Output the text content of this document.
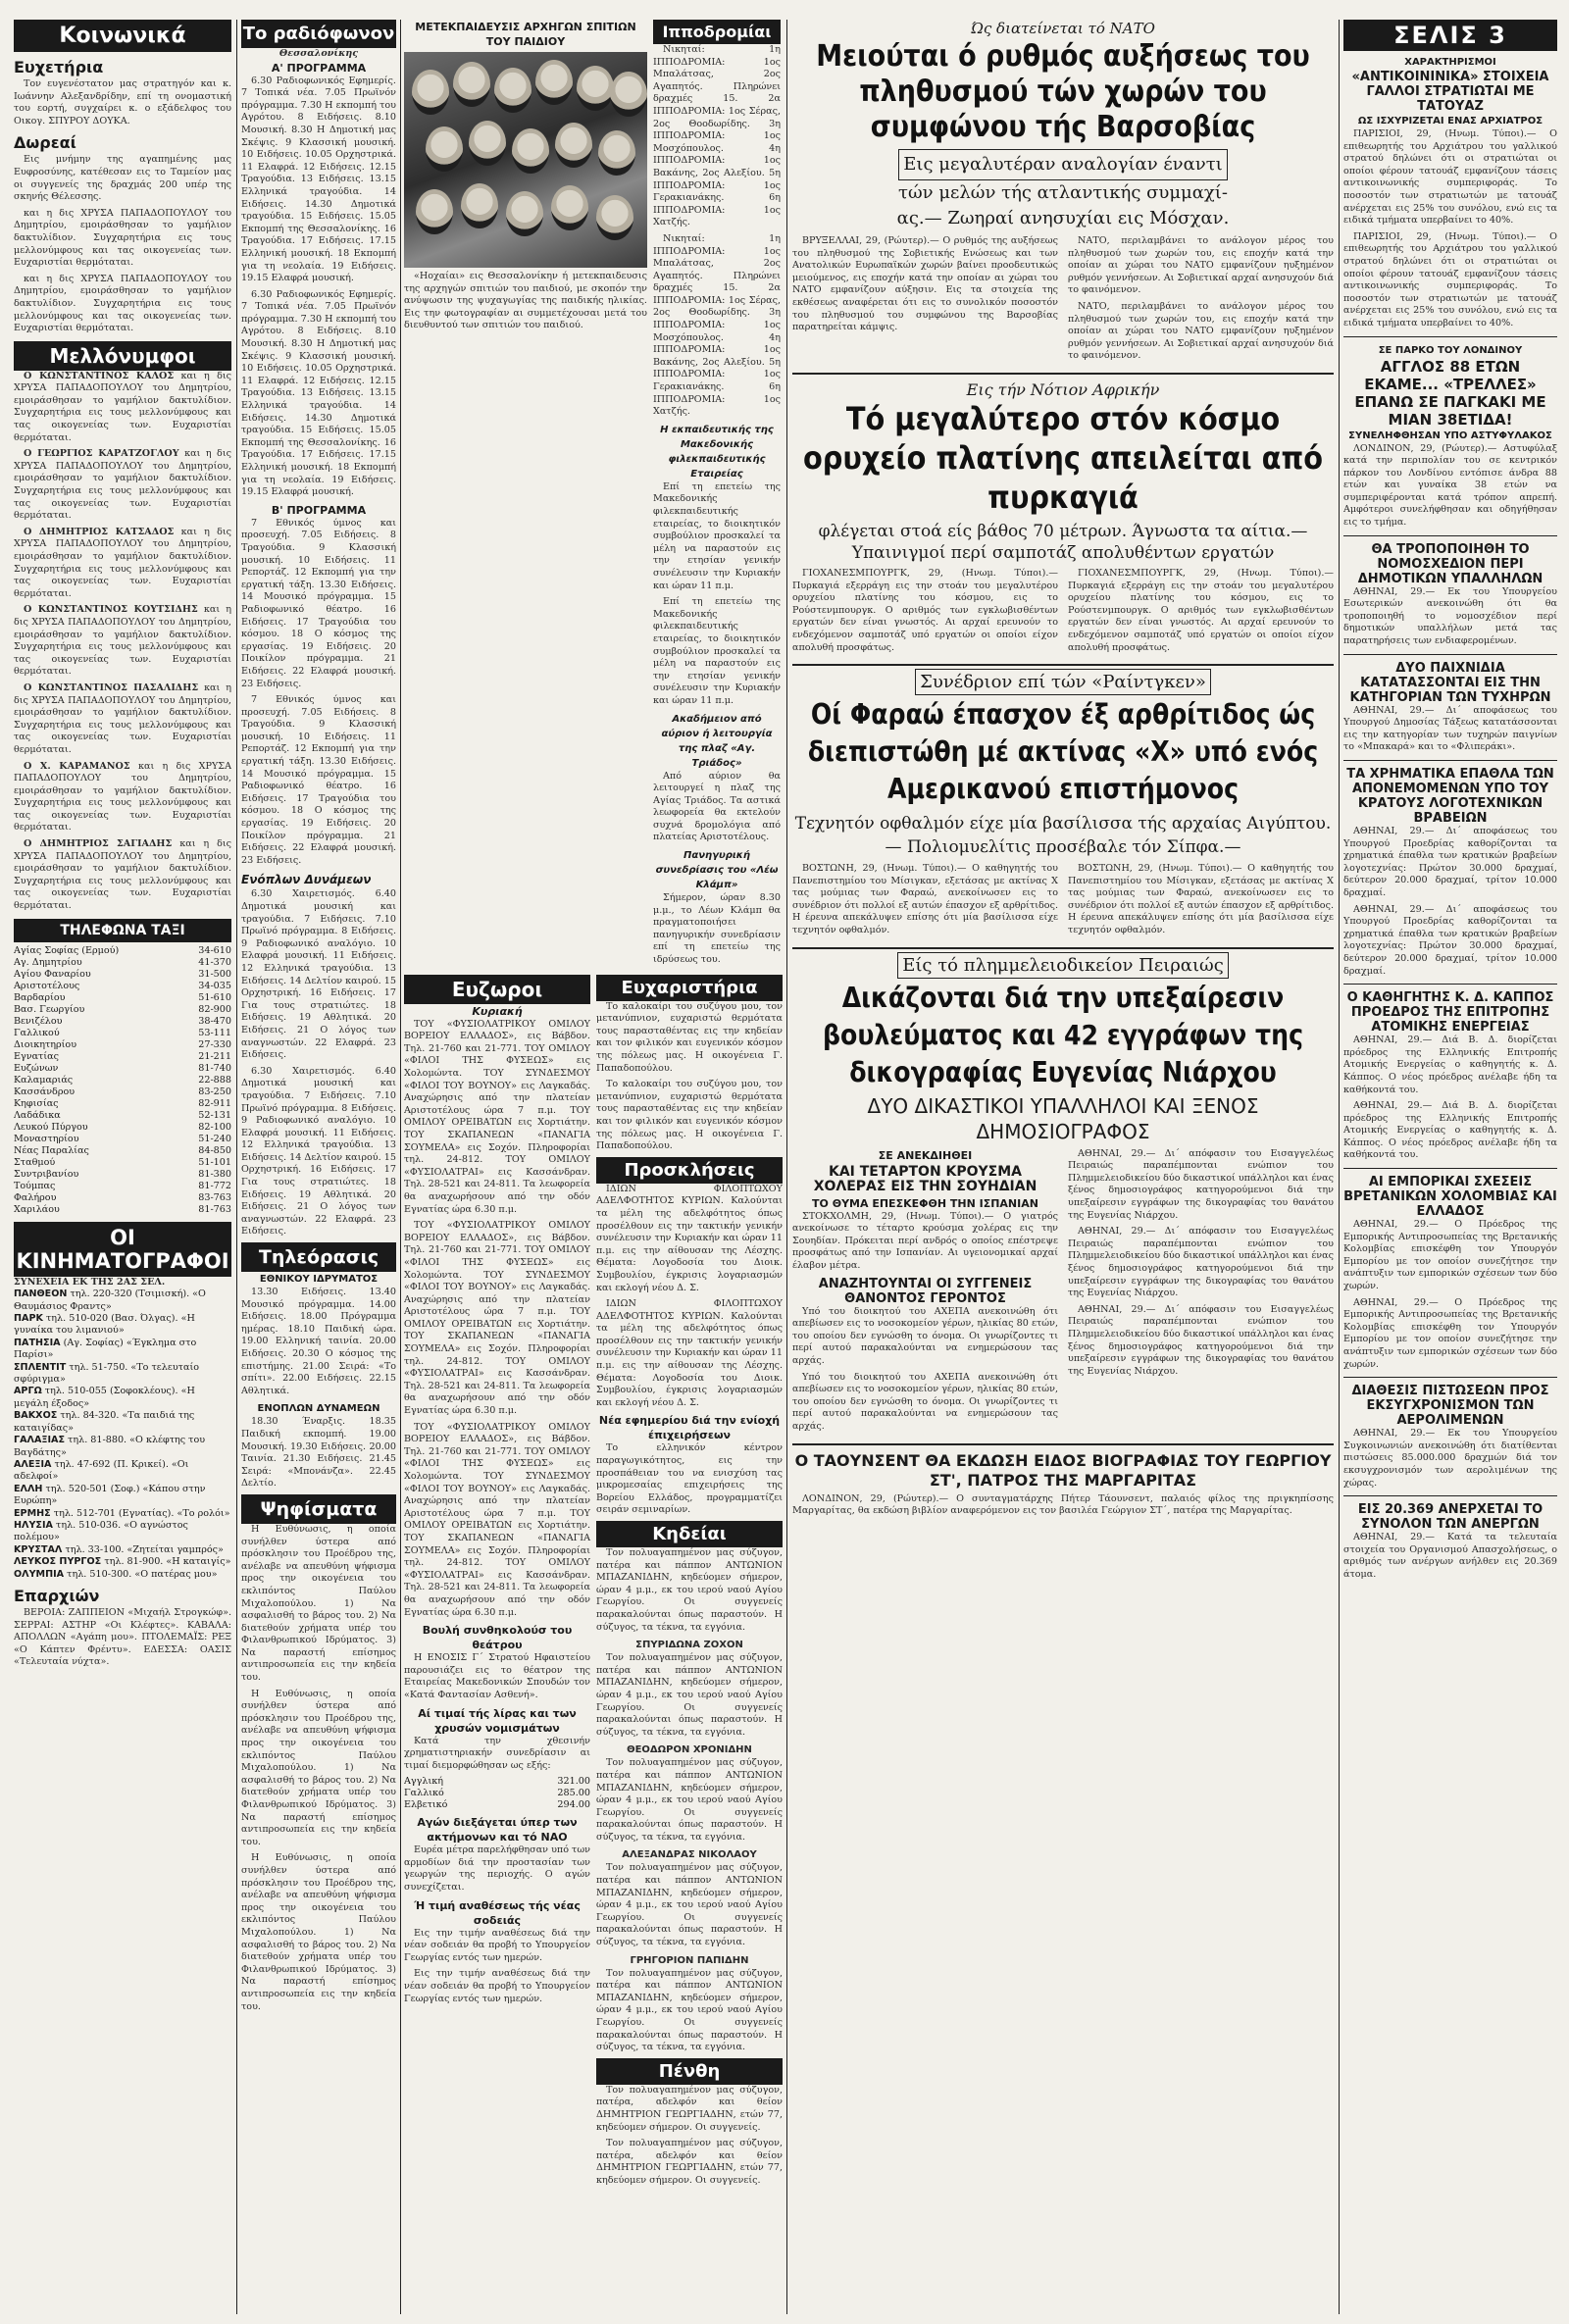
Κοινωνικά
Ευχετήρια

Τον ευγενέστατον μας στρατηγόν και κ. Ιωάννην Αλεξανδρίδην, επί τη ονομαστική του εορτή, συγχαίρει κ. ο εξάδελφος του Οικογ. ΣΠΥΡΟΥ ΔΟΥΚΑ.

Δωρεαί

Εις μνήμην της αγαπημένης μας Ευφροσύνης, κατέθεσαν εις το Ταμείον μας οι συγγενείς της δραχμάς 200 υπέρ της σκηνής Θέλεσσης.

και η δις ΧΡΥΣΑ ΠΑΠΑΔΟΠΟΥΛΟΥ του Δημητρίου, εμοιράσθησαν το γαμήλιον δακτυλίδιον. Συγχαρητήρια εις τους μελλονύμφους και τας οικογενείας των. Ευχαριστίαι θερμόταται.

και η δις ΧΡΥΣΑ ΠΑΠΑΔΟΠΟΥΛΟΥ του Δημητρίου, εμοιράσθησαν το γαμήλιον δακτυλίδιον. Συγχαρητήρια εις τους μελλονύμφους και τας οικογενείας των. Ευχαριστίαι θερμόταται.

Μελλόνυμφοι

Ο ΚΩΝΣΤΑΝΤΙΝΟΣ ΚΑΛΟΣ και η δις ΧΡΥΣΑ ΠΑΠΑΔΟΠΟΥΛΟΥ του Δημητρίου, εμοιράσθησαν το γαμήλιον δακτυλίδιον. Συγχαρητήρια εις τους μελλονύμφους και τας οικογενείας των. Ευχαριστίαι θερμόταται.

Ο ΓΕΩΡΓΙΟΣ ΚΑΡΑΤΖΟΓΛΟΥ και η δις ΧΡΥΣΑ ΠΑΠΑΔΟΠΟΥΛΟΥ του Δημητρίου, εμοιράσθησαν το γαμήλιον δακτυλίδιον. Συγχαρητήρια εις τους μελλονύμφους και τας οικογενείας των. Ευχαριστίαι θερμόταται.

Ο ΔΗΜΗΤΡΙΟΣ ΚΑΤΣΑΔΟΣ και η δις ΧΡΥΣΑ ΠΑΠΑΔΟΠΟΥΛΟΥ του Δημητρίου, εμοιράσθησαν το γαμήλιον δακτυλίδιον. Συγχαρητήρια εις τους μελλονύμφους και τας οικογενείας των. Ευχαριστίαι θερμόταται.

Ο ΚΩΝΣΤΑΝΤΙΝΟΣ ΚΟΥΤΣΙΔΗΣ και η δις ΧΡΥΣΑ ΠΑΠΑΔΟΠΟΥΛΟΥ του Δημητρίου, εμοιράσθησαν το γαμήλιον δακτυλίδιον. Συγχαρητήρια εις τους μελλονύμφους και τας οικογενείας των. Ευχαριστίαι θερμόταται.

Ο ΚΩΝΣΤΑΝΤΙΝΟΣ ΠΑΣΑΛΙΔΗΣ και η δις ΧΡΥΣΑ ΠΑΠΑΔΟΠΟΥΛΟΥ του Δημητρίου, εμοιράσθησαν το γαμήλιον δακτυλίδιον. Συγχαρητήρια εις τους μελλονύμφους και τας οικογενείας των. Ευχαριστίαι θερμόταται.

Ο Χ. ΚΑΡΑΜΑΝΟΣ και η δις ΧΡΥΣΑ ΠΑΠΑΔΟΠΟΥΛΟΥ του Δημητρίου, εμοιράσθησαν το γαμήλιον δακτυλίδιον. Συγχαρητήρια εις τους μελλονύμφους και τας οικογενείας των. Ευχαριστίαι θερμόταται.

Ο ΔΗΜΗΤΡΙΟΣ ΣΑΓΙΑΔΗΣ και η δις ΧΡΥΣΑ ΠΑΠΑΔΟΠΟΥΛΟΥ του Δημητρίου, εμοιράσθησαν το γαμήλιον δακτυλίδιον. Συγχαρητήρια εις τους μελλονύμφους και τας οικογενείας των. Ευχαριστίαι θερμόταται.

ΤΗΛΕΦΩΝΑ ΤΑΞΙ
Αγίας Σοφίας (Ερμού)	34-610
Αγ. Δημητρίου	41-370
Αγίου Φαναρίου	31-500
Αριστοτέλους	34-035
Βαρδαρίου	51-610
Βασ. Γεωργίου	82-900
Βενιζέλου	38-470
Γαλλικού	53-111
Διοικητηρίου	27-330
Εγνατίας	21-211
Ευζώνων	81-740
Καλαμαριάς	22-888
Κασσάνδρου	83-250
Κηφισίας	82-911
Λαδάδικα	52-131
Λευκού Πύργου	82-100
Μοναστηρίου	51-240
Νέας Παραλίας	84-850
Σταθμού	51-101
Συντριβανίου	81-380
Τούμπας	81-772
Φαλήρου	83-763
Χαριλάου	81-763
ΟΙ ΚΙΝΗΜΑΤΟΓΡΑΦΟΙ
ΣΥΝΕΧΕΙΑ ΕΚ ΤΗΣ 2ΑΣ ΣΕΛ.
ΠΑΝΘΕΟΝ τηλ. 220-320 (Τσιμισκή). «Ο Θαυμάσιος Φραντς»
ΠΑΡΚ τηλ. 510-020 (Βασ. Όλγας). «Η γυναίκα του λιμανιού»
ΠΑΤΗΣΙΑ (Αγ. Σοφίας) «Έγκλημα στο Παρίσι»
ΣΠΛΕΝΤΙΤ τηλ. 51-750. «Το τελευταίο σφύριγμα»
ΑΡΓΩ τηλ. 510-055 (Σοφοκλέους). «Η μεγάλη έξοδος»
ΒΑΚΧΟΣ τηλ. 84-320. «Τα παιδιά της καταιγίδας»
ΓΑΛΑΞΙΑΣ τηλ. 81-880. «Ο κλέφτης του Βαγδάτης»
ΑΛΕΞΙΑ τηλ. 47-692 (Π. Κρικεί). «Οι αδελφοί»
ΕΛΛΗ τηλ. 520-501 (Σοφ.) «Κάπου στην Ευρώπη»
ΕΡΜΗΣ τηλ. 512-701 (Εγνατίας). «Το ρολόι»
ΗΛΥΣΙΑ τηλ. 510-036. «Ο αγνώστος πολέμου»
ΚΡΥΣΤΑΛ τηλ. 33-100. «Ζητείται γαμπρός»
ΛΕΥΚΟΣ ΠΥΡΓΟΣ τηλ. 81-900. «Η καταιγίς»
ΟΛΥΜΠΙΑ τηλ. 510-300. «Ο πατέρας μου»
Επαρχιών

ΒΕΡΟΙΑ: ΖΑΠΠΕΙΟΝ «Μιχαήλ Στρογκώφ». ΣΕΡΡΑΙ: ΑΣΤΗΡ «Οι Κλέφτες». ΚΑΒΑΛΑ: ΑΠΟΛΛΩΝ «Αγάπη μου». ΠΤΟΛΕΜΑΪΣ: ΡΕΞ «Ο Κάπτεν Φρέντυ». ΕΔΕΣΣΑ: ΟΑΣΙΣ «Τελευταία νύχτα».

Το ραδιόφωνον
Θεσσαλονίκης
Α' ΠΡΟΓΡΑΜΜΑ

6.30 Ραδιοφωνικός Εφημερίς. 7 Τοπικά νέα. 7.05 Πρωϊνόν πρόγραμμα. 7.30 Η εκπομπή του Αγρότου. 8 Ειδήσεις. 8.10 Μουσική. 8.30 Η Δημοτική μας Σκέψις. 9 Κλασσική μουσική. 10 Ειδήσεις. 10.05 Ορχηστρικά. 11 Ελαφρά. 12 Ειδήσεις. 12.15 Τραγούδια. 13 Ειδήσεις. 13.15 Ελληνικά τραγούδια. 14 Ειδήσεις. 14.30 Δημοτικά τραγούδια. 15 Ειδήσεις. 15.05 Εκπομπή της Θεσσαλονίκης. 16 Τραγούδια. 17 Ειδήσεις. 17.15 Ελληνική μουσική. 18 Εκπομπή για τη νεολαία. 19 Ειδήσεις. 19.15 Ελαφρά μουσική.

6.30 Ραδιοφωνικός Εφημερίς. 7 Τοπικά νέα. 7.05 Πρωϊνόν πρόγραμμα. 7.30 Η εκπομπή του Αγρότου. 8 Ειδήσεις. 8.10 Μουσική. 8.30 Η Δημοτική μας Σκέψις. 9 Κλασσική μουσική. 10 Ειδήσεις. 10.05 Ορχηστρικά. 11 Ελαφρά. 12 Ειδήσεις. 12.15 Τραγούδια. 13 Ειδήσεις. 13.15 Ελληνικά τραγούδια. 14 Ειδήσεις. 14.30 Δημοτικά τραγούδια. 15 Ειδήσεις. 15.05 Εκπομπή της Θεσσαλονίκης. 16 Τραγούδια. 17 Ειδήσεις. 17.15 Ελληνική μουσική. 18 Εκπομπή για τη νεολαία. 19 Ειδήσεις. 19.15 Ελαφρά μουσική.

Β' ΠΡΟΓΡΑΜΜΑ

7 Εθνικός ύμνος και προσευχή. 7.05 Ειδήσεις. 8 Τραγούδια. 9 Κλασσική μουσική. 10 Ειδήσεις. 11 Ρεπορτάζ. 12 Εκπομπή για την εργατική τάξη. 13.30 Ειδήσεις. 14 Μουσικό πρόγραμμα. 15 Ραδιοφωνικό θέατρο. 16 Ειδήσεις. 17 Τραγούδια του κόσμου. 18 Ο κόσμος της εργασίας. 19 Ειδήσεις. 20 Ποικίλον πρόγραμμα. 21 Ειδήσεις. 22 Ελαφρά μουσική. 23 Ειδήσεις.

7 Εθνικός ύμνος και προσευχή. 7.05 Ειδήσεις. 8 Τραγούδια. 9 Κλασσική μουσική. 10 Ειδήσεις. 11 Ρεπορτάζ. 12 Εκπομπή για την εργατική τάξη. 13.30 Ειδήσεις. 14 Μουσικό πρόγραμμα. 15 Ραδιοφωνικό θέατρο. 16 Ειδήσεις. 17 Τραγούδια του κόσμου. 18 Ο κόσμος της εργασίας. 19 Ειδήσεις. 20 Ποικίλον πρόγραμμα. 21 Ειδήσεις. 22 Ελαφρά μουσική. 23 Ειδήσεις.

Ενόπλων Δυνάμεων

6.30 Χαιρετισμός. 6.40 Δημοτικά μουσική και τραγούδια. 7 Ειδήσεις. 7.10 Πρωϊνό πρόγραμμα. 8 Ειδήσεις. 9 Ραδιοφωνικό αναλόγιο. 10 Ελαφρά μουσική. 11 Ειδήσεις. 12 Ελληνικά τραγούδια. 13 Ειδήσεις. 14 Δελτίον καιρού. 15 Ορχηστρική. 16 Ειδήσεις. 17 Για τους στρατιώτες. 18 Ειδήσεις. 19 Αθλητικά. 20 Ειδήσεις. 21 Ο λόγος των αναγνωστών. 22 Ελαφρά. 23 Ειδήσεις.

6.30 Χαιρετισμός. 6.40 Δημοτικά μουσική και τραγούδια. 7 Ειδήσεις. 7.10 Πρωϊνό πρόγραμμα. 8 Ειδήσεις. 9 Ραδιοφωνικό αναλόγιο. 10 Ελαφρά μουσική. 11 Ειδήσεις. 12 Ελληνικά τραγούδια. 13 Ειδήσεις. 14 Δελτίον καιρού. 15 Ορχηστρική. 16 Ειδήσεις. 17 Για τους στρατιώτες. 18 Ειδήσεις. 19 Αθλητικά. 20 Ειδήσεις. 21 Ο λόγος των αναγνωστών. 22 Ελαφρά. 23 Ειδήσεις.

Τηλεόρασις
ΕΘΝΙΚΟΥ ΙΔΡΥΜΑΤΟΣ

13.30 Ειδήσεις. 13.40 Μουσικό πρόγραμμα. 14.00 Ειδήσεις. 18.00 Πρόγραμμα ημέρας. 18.10 Παιδική ώρα. 19.00 Ελληνική ταινία. 20.00 Ειδήσεις. 20.30 Ο κόσμος της επιστήμης. 21.00 Σειρά: «Το σπίτι». 22.00 Ειδήσεις. 22.15 Αθλητικά.

ΕΝΟΠΛΩΝ ΔΥΝΑΜΕΩΝ

18.30 Έναρξις. 18.35 Παιδική εκπομπή. 19.00 Μουσική. 19.30 Ειδήσεις. 20.00 Ταινία. 21.30 Ειδήσεις. 21.45 Σειρά: «Μπονάνζα». 22.45 Δελτίο.

Ψηφίσματα

Η Ευθύνωσις, η οποία συνήλθεν ύστερα από πρόσκλησιν του Προέδρου της, ανέλαβε να απευθύνη ψήφισμα προς την οικογένεια του εκλιπόντος Παύλου Μιχαλοπούλου. 1) Να ασφαλισθή το βάρος του. 2) Να διατεθούν χρήματα υπέρ του Φιλανθρωπικού Ιδρύματος. 3) Να παραστή επίσημος αντιπροσωπεία εις την κηδεία του.

Η Ευθύνωσις, η οποία συνήλθεν ύστερα από πρόσκλησιν του Προέδρου της, ανέλαβε να απευθύνη ψήφισμα προς την οικογένεια του εκλιπόντος Παύλου Μιχαλοπούλου. 1) Να ασφαλισθή το βάρος του. 2) Να διατεθούν χρήματα υπέρ του Φιλανθρωπικού Ιδρύματος. 3) Να παραστή επίσημος αντιπροσωπεία εις την κηδεία του.

Η Ευθύνωσις, η οποία συνήλθεν ύστερα από πρόσκλησιν του Προέδρου της, ανέλαβε να απευθύνη ψήφισμα προς την οικογένεια του εκλιπόντος Παύλου Μιχαλοπούλου. 1) Να ασφαλισθή το βάρος του. 2) Να διατεθούν χρήματα υπέρ του Φιλανθρωπικού Ιδρύματος. 3) Να παραστή επίσημος αντιπροσωπεία εις την κηδεία του.

ΜΕΤΕΚΠΑΙΔΕΥΣΙΣ ΑΡΧΗΓΩΝ ΣΠΙΤΙΩΝ ΤΟΥ ΠΑΙΔΙΟΥ

«Ηοχαίαι» εις Θεσσαλονίκην ή μετεκπαιδευσις της αρχηγών σπιτιών του παιδιού, με σκοπόν την ανύψωσιν της ψυχαγωγίας της παιδικής ηλικίας. Εις την φωτογραφίαν αι συμμετέχουσαι μετά του διευθυντού των σπιτιών του παιδιού.

Ιπποδρομίαι

Νικηταί: 1η ΙΠΠΟΔΡΟΜΙΑ: 1ος Μπαλάτσας, 2ος Αγαπητός. Πληρώνει δραχμές 15. 2α ΙΠΠΟΔΡΟΜΙΑ: 1ος Σέρας, 2ος Θοοδωρίδης. 3η ΙΠΠΟΔΡΟΜΙΑ: 1ος Μοσχόπουλος. 4η ΙΠΠΟΔΡΟΜΙΑ: 1ος Βακάνης, 2ος Αλεξίου. 5η ΙΠΠΟΔΡΟΜΙΑ: 1ος Γερακιανάκης. 6η ΙΠΠΟΔΡΟΜΙΑ: 1ος Χατζής.

Νικηταί: 1η ΙΠΠΟΔΡΟΜΙΑ: 1ος Μπαλάτσας, 2ος Αγαπητός. Πληρώνει δραχμές 15. 2α ΙΠΠΟΔΡΟΜΙΑ: 1ος Σέρας, 2ος Θοοδωρίδης. 3η ΙΠΠΟΔΡΟΜΙΑ: 1ος Μοσχόπουλος. 4η ΙΠΠΟΔΡΟΜΙΑ: 1ος Βακάνης, 2ος Αλεξίου. 5η ΙΠΠΟΔΡΟΜΙΑ: 1ος Γερακιανάκης. 6η ΙΠΠΟΔΡΟΜΙΑ: 1ος Χατζής.

Η εκπαιδευτικής της Μακεδονικής φιλεκπαιδευτικής Εταιρείας

Επί τη επετείω της Μακεδονικής φιλεκπαιδευτικής εταιρείας, το διοικητικόν συμβούλιον προσκαλεί τα μέλη να παραστούν εις την ετησίαν γενικήν συνέλευσιν την Κυριακήν και ώραν 11 π.μ.

Επί τη επετείω της Μακεδονικής φιλεκπαιδευτικής εταιρείας, το διοικητικόν συμβούλιον προσκαλεί τα μέλη να παραστούν εις την ετησίαν γενικήν συνέλευσιν την Κυριακήν και ώραν 11 π.μ.

Ακαδήμειον από αύριον ή λειτουργία της πλαζ «Αγ. Τριάδος»

Από αύριον θα λειτουργεί η πλαζ της Αγίας Τριάδος. Τα αστικά λεωφορεία θα εκτελούν συχνά δρομολόγια από πλατείας Αριστοτέλους.

Πανηγυρική συνεδρίασις του «Λέω Κλάμπ»

Σήμερον, ώραν 8.30 μ.μ., το Λέων Κλάμπ θα πραγματοποιήσει πανηγυρικήν συνεδρίασιν επί τη επετείω της ιδρύσεως του.

Ευζωροι
Κυριακή

ΤΟΥ «ΦΥΣΙΟΛΑΤΡΙΚΟΥ ΟΜΙΛΟΥ ΒΟΡΕΙΟΥ ΕΛΛΑΔΟΣ», εις Βάβδον. Τηλ. 21-760 και 21-771. ΤΟΥ ΟΜΙΛΟΥ «ΦΙΛΟΙ ΤΗΣ ΦΥΣΕΩΣ» εις Χολομώντα. ΤΟΥ ΣΥΝΔΕΣΜΟΥ «ΦΙΛΟΙ ΤΟΥ ΒΟΥΝΟΥ» εις Λαγκαδάς. Αναχώρησις από την πλατείαν Αριστοτέλους ώρα 7 π.μ. ΤΟΥ ΟΜΙΛΟΥ ΟΡΕΙΒΑΤΩΝ εις Χορτιάτην. ΤΟΥ ΣΚΑΠΑΝΕΩΝ «ΠΑΝΑΓΙΑ ΣΟΥΜΕΛΑ» εις Σοχόν. Πληροφορίαι τηλ. 24-812. ΤΟΥ ΟΜΙΛΟΥ «ΦΥΣΙΟΛΑΤΡΑΙ» εις Κασσάνδραν. Τηλ. 28-521 και 24-811. Τα λεωφορεία θα αναχωρήσουν από την οδόν Εγνατίας ώρα 6.30 π.μ.

ΤΟΥ «ΦΥΣΙΟΛΑΤΡΙΚΟΥ ΟΜΙΛΟΥ ΒΟΡΕΙΟΥ ΕΛΛΑΔΟΣ», εις Βάβδον. Τηλ. 21-760 και 21-771. ΤΟΥ ΟΜΙΛΟΥ «ΦΙΛΟΙ ΤΗΣ ΦΥΣΕΩΣ» εις Χολομώντα. ΤΟΥ ΣΥΝΔΕΣΜΟΥ «ΦΙΛΟΙ ΤΟΥ ΒΟΥΝΟΥ» εις Λαγκαδάς. Αναχώρησις από την πλατείαν Αριστοτέλους ώρα 7 π.μ. ΤΟΥ ΟΜΙΛΟΥ ΟΡΕΙΒΑΤΩΝ εις Χορτιάτην. ΤΟΥ ΣΚΑΠΑΝΕΩΝ «ΠΑΝΑΓΙΑ ΣΟΥΜΕΛΑ» εις Σοχόν. Πληροφορίαι τηλ. 24-812. ΤΟΥ ΟΜΙΛΟΥ «ΦΥΣΙΟΛΑΤΡΑΙ» εις Κασσάνδραν. Τηλ. 28-521 και 24-811. Τα λεωφορεία θα αναχωρήσουν από την οδόν Εγνατίας ώρα 6.30 π.μ.

ΤΟΥ «ΦΥΣΙΟΛΑΤΡΙΚΟΥ ΟΜΙΛΟΥ ΒΟΡΕΙΟΥ ΕΛΛΑΔΟΣ», εις Βάβδον. Τηλ. 21-760 και 21-771. ΤΟΥ ΟΜΙΛΟΥ «ΦΙΛΟΙ ΤΗΣ ΦΥΣΕΩΣ» εις Χολομώντα. ΤΟΥ ΣΥΝΔΕΣΜΟΥ «ΦΙΛΟΙ ΤΟΥ ΒΟΥΝΟΥ» εις Λαγκαδάς. Αναχώρησις από την πλατείαν Αριστοτέλους ώρα 7 π.μ. ΤΟΥ ΟΜΙΛΟΥ ΟΡΕΙΒΑΤΩΝ εις Χορτιάτην. ΤΟΥ ΣΚΑΠΑΝΕΩΝ «ΠΑΝΑΓΙΑ ΣΟΥΜΕΛΑ» εις Σοχόν. Πληροφορίαι τηλ. 24-812. ΤΟΥ ΟΜΙΛΟΥ «ΦΥΣΙΟΛΑΤΡΑΙ» εις Κασσάνδραν. Τηλ. 28-521 και 24-811. Τα λεωφορεία θα αναχωρήσουν από την οδόν Εγνατίας ώρα 6.30 π.μ.

Βουλή συνθηκολούσ του θεάτρου

Η ΕΝΟΣΙΣ Γ΄ Στρατού Ηφαιστείου παρουσιάζει εις το θέατρον της Εταιρείας Μακεδονικών Σπουδών τον «Κατά Φαντασίαν Ασθενή».

Αί τιμαί τής λίρας και των χρυσών νομισμάτων

Κατά την χθεσινήν χρηματιστηριακήν συνεδρίασιν αι τιμαί διεμορφώθησαν ως εξής:

Αγγλική	321.00
Γαλλικό	285.00
Ελβετικό	294.00
Αγών διεξάγεται ύπερ των ακτήμονων και τό ΝΑΟ

Ευρέα μέτρα παρελήφθησαν υπό των αρμοδίων διά την προστασίαν των γεωργών της περιοχής. Ο αγών συνεχίζεται.

Ή τιμή αναθέσεως τής νέας σοδειάς

Εις την τιμήν αναθέσεως διά την νέαν σοδειάν θα προβή το Υπουργείον Γεωργίας εντός των ημερών.

Εις την τιμήν αναθέσεως διά την νέαν σοδειάν θα προβή το Υπουργείον Γεωργίας εντός των ημερών.

Ευχαριστήρια

Το καλοκαίρι του συζύγου μου, τον μετανύπνιον, ευχαριστώ θερμότατα τους παρασταθέντας εις την κηδείαν και τον φιλικόν και ευγενικόν κόσμον της πόλεως μας. Η οικογένεια Γ. Παπαδοπούλου.

Το καλοκαίρι του συζύγου μου, τον μετανύπνιον, ευχαριστώ θερμότατα τους παρασταθέντας εις την κηδείαν και τον φιλικόν και ευγενικόν κόσμον της πόλεως μας. Η οικογένεια Γ. Παπαδοπούλου.

Προσκλήσεις

ΙΔΙΩΝ ΦΙΛΟΠΤΩΧΟΥ ΑΔΕΛΦΟΤΗΤΟΣ ΚΥΡΙΩΝ. Καλούνται τα μέλη της αδελφότητος όπως προσέλθουν εις την τακτικήν γενικήν συνέλευσιν την Κυριακήν και ώραν 11 π.μ. εις την αίθουσαν της Λέσχης. Θέματα: Λογοδοσία του Διοικ. Συμβουλίου, έγκρισις λογαριασμών και εκλογή νέου Δ. Σ.

ΙΔΙΩΝ ΦΙΛΟΠΤΩΧΟΥ ΑΔΕΛΦΟΤΗΤΟΣ ΚΥΡΙΩΝ. Καλούνται τα μέλη της αδελφότητος όπως προσέλθουν εις την τακτικήν γενικήν συνέλευσιν την Κυριακήν και ώραν 11 π.μ. εις την αίθουσαν της Λέσχης. Θέματα: Λογοδοσία του Διοικ. Συμβουλίου, έγκρισις λογαριασμών και εκλογή νέου Δ. Σ.

Νέα εφημερίου διά την ενίοχή έπιχειρήσεων

Το ελληνικόν κέντρον παραγωγικότητος, εις την προσπάθειαν του να ενισχύση τας μικρομεσαίας επιχειρήσεις της Βορείου Ελλάδος, προγραμματίζει σειράν σεμιναρίων.

Κηδείαι

Τον πολυαγαπημένον μας σύζυγον, πατέρα και πάππον ΑΝΤΩΝΙΟΝ ΜΠΑΖΑΝΙΔΗΝ, κηδεύομεν σήμερον, ώραν 4 μ.μ., εκ του ιερού ναού Αγίου Γεωργίου. Οι συγγενείς παρακαλούνται όπως παραστούν. Η σύζυγος, τα τέκνα, τα εγγόνια.

ΣΠΥΡΙΔΩΝΑ ΖΟΧΟΝ

Τον πολυαγαπημένον μας σύζυγον, πατέρα και πάππον ΑΝΤΩΝΙΟΝ ΜΠΑΖΑΝΙΔΗΝ, κηδεύομεν σήμερον, ώραν 4 μ.μ., εκ του ιερού ναού Αγίου Γεωργίου. Οι συγγενείς παρακαλούνται όπως παραστούν. Η σύζυγος, τα τέκνα, τα εγγόνια.

ΘΕΟΔΩΡΟΝ ΧΡΟΝΙΔΗΝ

Τον πολυαγαπημένον μας σύζυγον, πατέρα και πάππον ΑΝΤΩΝΙΟΝ ΜΠΑΖΑΝΙΔΗΝ, κηδεύομεν σήμερον, ώραν 4 μ.μ., εκ του ιερού ναού Αγίου Γεωργίου. Οι συγγενείς παρακαλούνται όπως παραστούν. Η σύζυγος, τα τέκνα, τα εγγόνια.

ΑΛΕΞΑΝΔΡΑΣ ΝΙΚΟΛΑΟΥ

Τον πολυαγαπημένον μας σύζυγον, πατέρα και πάππον ΑΝΤΩΝΙΟΝ ΜΠΑΖΑΝΙΔΗΝ, κηδεύομεν σήμερον, ώραν 4 μ.μ., εκ του ιερού ναού Αγίου Γεωργίου. Οι συγγενείς παρακαλούνται όπως παραστούν. Η σύζυγος, τα τέκνα, τα εγγόνια.

ΓΡΗΓΟΡΙΟΝ ΠΑΠΙΔΗΝ

Τον πολυαγαπημένον μας σύζυγον, πατέρα και πάππον ΑΝΤΩΝΙΟΝ ΜΠΑΖΑΝΙΔΗΝ, κηδεύομεν σήμερον, ώραν 4 μ.μ., εκ του ιερού ναού Αγίου Γεωργίου. Οι συγγενείς παρακαλούνται όπως παραστούν. Η σύζυγος, τα τέκνα, τα εγγόνια.

Πένθη

Τον πολυαγαπημένον μας σύζυγον, πατέρα, αδελφόν και θείον ΔΗΜΗΤΡΙΟΝ ΓΕΩΡΓΙΑΔΗΝ, ετών 77, κηδεύομεν σήμερον. Οι συγγενείς.

Τον πολυαγαπημένον μας σύζυγον, πατέρα, αδελφόν και θείον ΔΗΜΗΤΡΙΟΝ ΓΕΩΡΓΙΑΔΗΝ, ετών 77, κηδεύομεν σήμερον. Οι συγγενείς.

Ώς διατείνεται τό ΝΑΤΟ
Μειούται ό ρυθμός αυξήσεως του πληθυσμού τών χωρών του συμφώνου τής Βαρσοβίας
Εις μεγαλυτέραν αναλογίαν έναντι
τών μελών τής ατλαντικής συμμαχί-
ας.— Ζωηραί ανησυχίαι εις Μόσχαν.

ΒΡΥΞΕΛΛΑΙ, 29, (Ρώυτερ).— Ο ρυθμός της αυξήσεως του πληθυσμού της Σοβιετικής Ενώσεως και των Ανατολικών Ευρωπαϊκών χωρών βαίνει προοδευτικώς μειούμενος, εις εποχήν κατά την οποίαν αι χώραι του ΝΑΤΟ εμφανίζουν αύξησιν. Εις τα στοιχεία της εκθέσεως αναφέρεται ότι εις το συνολικόν ποσοστόν του πληθυσμού του συμφώνου της Βαρσοβίας παρατηρείται κάμψις.

ΝΑΤΟ, περιλαμβάνει το ανάλογον μέρος του πληθυσμού των χωρών του, εις εποχήν κατά την οποίαν αι χώραι του ΝΑΤΟ εμφανίζουν ηυξημένον ρυθμόν γεννήσεων. Αι Σοβιετικαί αρχαί ανησυχούν διά το φαινόμενον.

ΝΑΤΟ, περιλαμβάνει το ανάλογον μέρος του πληθυσμού των χωρών του, εις εποχήν κατά την οποίαν αι χώραι του ΝΑΤΟ εμφανίζουν ηυξημένον ρυθμόν γεννήσεων. Αι Σοβιετικαί αρχαί ανησυχούν διά το φαινόμενον.

Εις τήν Νότιον Αφρικήν
Τό μεγαλύτερο στόν κόσμο ορυχείο πλατίνης απειλείται από πυρκαγιά
φλέγεται στοά είς βάθος 70 μέτρων. Άγνωστα τα αίτια.— Υπαινιγμοί περί σαμποτάζ απολυθέντων εργατών

ΓΙΟΧΑΝΕΣΜΠΟΥΡΓΚ, 29, (Ηνωμ. Τύποι).— Πυρκαγιά εξερράγη εις την στοάν του μεγαλυτέρου ορυχείου πλατίνης του κόσμου, εις το Ρούστενμπουργκ. Ο αριθμός των εγκλωβισθέντων εργατών δεν είναι γνωστός. Αι αρχαί ερευνούν το ενδεχόμενον σαμποτάζ υπό εργατών οι οποίοι είχον απολυθή προσφάτως.

ΓΙΟΧΑΝΕΣΜΠΟΥΡΓΚ, 29, (Ηνωμ. Τύποι).— Πυρκαγιά εξερράγη εις την στοάν του μεγαλυτέρου ορυχείου πλατίνης του κόσμου, εις το Ρούστενμπουργκ. Ο αριθμός των εγκλωβισθέντων εργατών δεν είναι γνωστός. Αι αρχαί ερευνούν το ενδεχόμενον σαμποτάζ υπό εργατών οι οποίοι είχον απολυθή προσφάτως.

Συνέδριον επί τών «Ραίντγκεν»
Οί Φαραώ έπασχον έξ αρθρίτιδος ώς διεπιστώθη μέ ακτίνας «Χ» υπό ενός Αμερικανού επιστήμονος
Τεχνητόν οφθαλμόν είχε μία βασίλισσα τής αρχαίας Αιγύπτου.— Πολιομυελίτις προσέβαλε τόν Σίπφα.—

ΒΟΣΤΩΝΗ, 29, (Ηνωμ. Τύποι).— Ο καθηγητής του Πανεπιστημίου του Μίσιγκαν, εξετάσας με ακτίνας Χ τας μούμιας των Φαραώ, ανεκοίνωσεν εις το συνέδριον ότι πολλοί εξ αυτών έπασχον εξ αρθρίτιδος. Η έρευνα απεκάλυψεν επίσης ότι μία βασίλισσα είχε τεχνητόν οφθαλμόν.

ΒΟΣΤΩΝΗ, 29, (Ηνωμ. Τύποι).— Ο καθηγητής του Πανεπιστημίου του Μίσιγκαν, εξετάσας με ακτίνας Χ τας μούμιας των Φαραώ, ανεκοίνωσεν εις το συνέδριον ότι πολλοί εξ αυτών έπασχον εξ αρθρίτιδος. Η έρευνα απεκάλυψεν επίσης ότι μία βασίλισσα είχε τεχνητόν οφθαλμόν.

Είς τό πλημμελειοδικείον Πειραιώς
Δικάζονται διά την υπεξαίρεσιν βουλεύματος και 42 εγγράφων της δικογραφίας Ευγενίας Νιάρχου
ΔΥΟ ΔΙΚΑΣΤΙΚΟΙ ΥΠΑΛΛΗΛΟΙ ΚΑΙ ΞΕΝΟΣ ΔΗΜΟΣΙΟΓΡΑΦΟΣ
ΣΕ ΑΝΕΚΔΙΗΘΕΙ
ΚΑΙ ΤΕΤΑΡΤΟΝ ΚΡΟΥΣΜΑ ΧΟΛΕΡΑΣ ΕΙΣ ΤΗΝ ΣΟΥΗΔΙΑΝ
ΤΟ ΘΥΜΑ ΕΠΕΣΚΕΦΘΗ ΤΗΝ ΙΣΠΑΝΙΑΝ

ΣΤΟΚΧΟΛΜΗ, 29, (Ηνωμ. Τύποι).— Ο γιατρός ανεκοίνωσε το τέταρτο κρούσμα χολέρας εις την Σουηδίαν. Πρόκειται περί ανδρός ο οποίος επέστρεψε προσφάτως από την Ισπανίαν. Αι υγειονομικαί αρχαί έλαβον μέτρα.

ΑΝΑΖΗΤΟΥΝΤΑΙ ΟΙ ΣΥΓΓΕΝΕΙΣ ΘΑΝΟΝΤΟΣ ΓΕΡΟΝΤΟΣ

Υπό του διοικητού του ΑΧΕΠΑ ανεκοινώθη ότι απεβίωσεν εις το νοσοκομείον γέρων, ηλικίας 80 ετών, του οποίου δεν εγνώσθη το όνομα. Οι γνωρίζοντες τι περί αυτού παρακαλούνται να ενημερώσουν τας αρχάς.

Υπό του διοικητού του ΑΧΕΠΑ ανεκοινώθη ότι απεβίωσεν εις το νοσοκομείον γέρων, ηλικίας 80 ετών, του οποίου δεν εγνώσθη το όνομα. Οι γνωρίζοντες τι περί αυτού παρακαλούνται να ενημερώσουν τας αρχάς.

ΑΘΗΝΑΙ, 29.— Δι΄ απόφασιν του Εισαγγελέως Πειραιώς παραπέμπονται ενώπιον του Πλημμελειοδικείου δύο δικαστικοί υπάλληλοι και ένας ξένος δημοσιογράφος κατηγορούμενοι διά την υπεξαίρεσιν εγγράφων της δικογραφίας του θανάτου της Ευγενίας Νιάρχου.

ΑΘΗΝΑΙ, 29.— Δι΄ απόφασιν του Εισαγγελέως Πειραιώς παραπέμπονται ενώπιον του Πλημμελειοδικείου δύο δικαστικοί υπάλληλοι και ένας ξένος δημοσιογράφος κατηγορούμενοι διά την υπεξαίρεσιν εγγράφων της δικογραφίας του θανάτου της Ευγενίας Νιάρχου.

ΑΘΗΝΑΙ, 29.— Δι΄ απόφασιν του Εισαγγελέως Πειραιώς παραπέμπονται ενώπιον του Πλημμελειοδικείου δύο δικαστικοί υπάλληλοι και ένας ξένος δημοσιογράφος κατηγορούμενοι διά την υπεξαίρεσιν εγγράφων της δικογραφίας του θανάτου της Ευγενίας Νιάρχου.

Ο ΤΑΟΥΝΣΕΝΤ ΘΑ ΕΚΔΩΣΗ ΕΙΔΟΣ ΒΙΟΓΡΑΦΙΑΣ ΤΟΥ ΓΕΩΡΓΙΟΥ ΣΤ', ΠΑΤΡΟΣ ΤΗΣ ΜΑΡΓΑΡΙΤΑΣ

ΛΟΝΔΙΝΟΝ, 29, (Ρώυτερ).— Ο συνταγματάρχης Πήτερ Τάουνσεντ, παλαιός φίλος της πριγκηπίσσης Μαργαρίτας, θα εκδώση βιβλίον αναφερόμενον εις τον βασιλέα Γεώργιον ΣΤ΄, πατέρα της Μαργαρίτας.

ΣΕΛΙΣ 3
ΧΑΡΑΚΤΗΡΙΣΜΟΙ
«ΑΝΤΙΚΟΙΝΙΝΙΚΑ» ΣΤΟΙΧΕΙΑ ΓΑΛΛΟΙ ΣΤΡΑΤΙΩΤΑΙ ΜΕ ΤΑΤΟΥΑΖ
ΩΣ ΙΣΧΥΡΙΖΕΤΑΙ ΕΝΑΣ ΑΡΧΙΑΤΡΟΣ

ΠΑΡΙΣΙΟΙ, 29, (Ηνωμ. Τύποι).— Ο επιθεωρητής του Αρχιάτρου του γαλλικού στρατού δηλώνει ότι οι στρατιώται οι οποίοι φέρουν τατουάζ εμφανίζουν τάσεις αντικοινωνικής συμπεριφοράς. Το ποσοστόν των στρατιωτών με τατουάζ ανέρχεται εις 25% του συνόλου, ενώ εις τα ειδικά τμήματα υπερβαίνει το 40%.

ΠΑΡΙΣΙΟΙ, 29, (Ηνωμ. Τύποι).— Ο επιθεωρητής του Αρχιάτρου του γαλλικού στρατού δηλώνει ότι οι στρατιώται οι οποίοι φέρουν τατουάζ εμφανίζουν τάσεις αντικοινωνικής συμπεριφοράς. Το ποσοστόν των στρατιωτών με τατουάζ ανέρχεται εις 25% του συνόλου, ενώ εις τα ειδικά τμήματα υπερβαίνει το 40%.

ΣΕ ΠΑΡΚΟ ΤΟΥ ΛΟΝΔΙΝΟΥ
ΑΓΓΛΟΣ 88 ΕΤΩΝ ΕΚΑΜΕ... «ΤΡΕΛΛΕΣ» ΕΠΑΝΩ ΣΕ ΠΑΓΚΑΚΙ ΜΕ ΜΙΑΝ 38ΕΤΙΔΑ!
ΣΥΝΕΛΗΦΘΗΣΑΝ ΥΠΟ ΑΣΤΥΦΥΛΑΚΟΣ

ΛΟΝΔΙΝΟΝ, 29, (Ρώυτερ).— Αστυφύλαξ κατά την περιπολίαν του σε κεντρικόν πάρκον του Λονδίνου εντόπισε άνδρα 88 ετών και γυναίκα 38 ετών να συμπεριφέρονται κατά τρόπον απρεπή. Αμφότεροι συνελήφθησαν και οδηγήθησαν εις το τμήμα.

ΘΑ ΤΡΟΠΟΠΟΙΗΘΗ ΤΟ ΝΟΜΟΣΧΕΔΙΟΝ ΠΕΡΙ ΔΗΜΟΤΙΚΩΝ ΥΠΑΛΛΗΛΩΝ

ΑΘΗΝΑΙ, 29.— Εκ του Υπουργείου Εσωτερικών ανεκοινώθη ότι θα τροποποιηθή το νομοσχέδιον περί δημοτικών υπαλλήλων μετά τας παρατηρήσεις των ενδιαφερομένων.

ΔΥΟ ΠΑΙΧΝΙΔΙΑ ΚΑΤΑΤΑΣΣΟΝΤΑΙ ΕΙΣ ΤΗΝ ΚΑΤΗΓΟΡΙΑΝ ΤΩΝ ΤΥΧΗΡΩΝ

ΑΘΗΝΑΙ, 29.— Δι΄ αποφάσεως του Υπουργού Δημοσίας Τάξεως κατατάσσονται εις την κατηγορίαν των τυχηρών παιγνίων το «Μπακαρά» και το «Φλιπεράκι».

ΤΑ ΧΡΗΜΑΤΙΚΑ ΕΠΑΘΛΑ ΤΩΝ ΑΠΟΝΕΜΟΜΕΝΩΝ ΥΠΟ ΤΟΥ ΚΡΑΤΟΥΣ ΛΟΓΟΤΕΧΝΙΚΩΝ ΒΡΑΒΕΙΩΝ

ΑΘΗΝΑΙ, 29.— Δι΄ αποφάσεως του Υπουργού Προεδρίας καθορίζονται τα χρηματικά έπαθλα των κρατικών βραβείων λογοτεχνίας: Πρώτον 30.000 δραχμαί, δεύτερον 20.000 δραχμαί, τρίτον 10.000 δραχμαί.

ΑΘΗΝΑΙ, 29.— Δι΄ αποφάσεως του Υπουργού Προεδρίας καθορίζονται τα χρηματικά έπαθλα των κρατικών βραβείων λογοτεχνίας: Πρώτον 30.000 δραχμαί, δεύτερον 20.000 δραχμαί, τρίτον 10.000 δραχμαί.

Ο ΚΑΘΗΓΗΤΗΣ Κ. Δ. ΚΑΠΠΟΣ ΠΡΟΕΔΡΟΣ ΤΗΣ ΕΠΙΤΡΟΠΗΣ ΑΤΟΜΙΚΗΣ ΕΝΕΡΓΕΙΑΣ

ΑΘΗΝΑΙ, 29.— Διά Β. Δ. διορίζεται πρόεδρος της Ελληνικής Επιτροπής Ατομικής Ενεργείας ο καθηγητής κ. Δ. Κάππος. Ο νέος πρόεδρος ανέλαβε ήδη τα καθήκοντά του.

ΑΘΗΝΑΙ, 29.— Διά Β. Δ. διορίζεται πρόεδρος της Ελληνικής Επιτροπής Ατομικής Ενεργείας ο καθηγητής κ. Δ. Κάππος. Ο νέος πρόεδρος ανέλαβε ήδη τα καθήκοντά του.

ΑΙ ΕΜΠΟΡΙΚΑΙ ΣΧΕΣΕΙΣ ΒΡΕΤΑΝΙΚΩΝ ΧΟΛΟΜΒΙΑΣ ΚΑΙ ΕΛΛΑΔΟΣ

ΑΘΗΝΑΙ, 29.— Ο Πρόεδρος της Εμπορικής Αντιπροσωπείας της Βρετανικής Κολομβίας επισκέφθη τον Υπουργόν Εμπορίου με τον οποίον συνεζήτησε την ανάπτυξιν των εμπορικών σχέσεων των δύο χωρών.

ΑΘΗΝΑΙ, 29.— Ο Πρόεδρος της Εμπορικής Αντιπροσωπείας της Βρετανικής Κολομβίας επισκέφθη τον Υπουργόν Εμπορίου με τον οποίον συνεζήτησε την ανάπτυξιν των εμπορικών σχέσεων των δύο χωρών.

ΔΙΑΘΕΣΙΣ ΠΙΣΤΩΣΕΩΝ ΠΡΟΣ ΕΚΣΥΓΧΡΟΝΙΣΜΟΝ ΤΩΝ ΑΕΡΟΛΙΜΕΝΩΝ

ΑΘΗΝΑΙ, 29.— Εκ του Υπουργείου Συγκοινωνιών ανεκοινώθη ότι διατίθενται πιστώσεις 85.000.000 δραχμών διά τον εκσυγχρονισμόν των αερολιμένων της χώρας.

ΕΙΣ 20.369 ΑΝΕΡΧΕΤΑΙ ΤΟ ΣΥΝΟΛΟΝ ΤΩΝ ΑΝΕΡΓΩΝ

ΑΘΗΝΑΙ, 29.— Κατά τα τελευταία στοιχεία του Οργανισμού Απασχολήσεως, ο αριθμός των ανέργων ανήλθεν εις 20.369 άτομα.
